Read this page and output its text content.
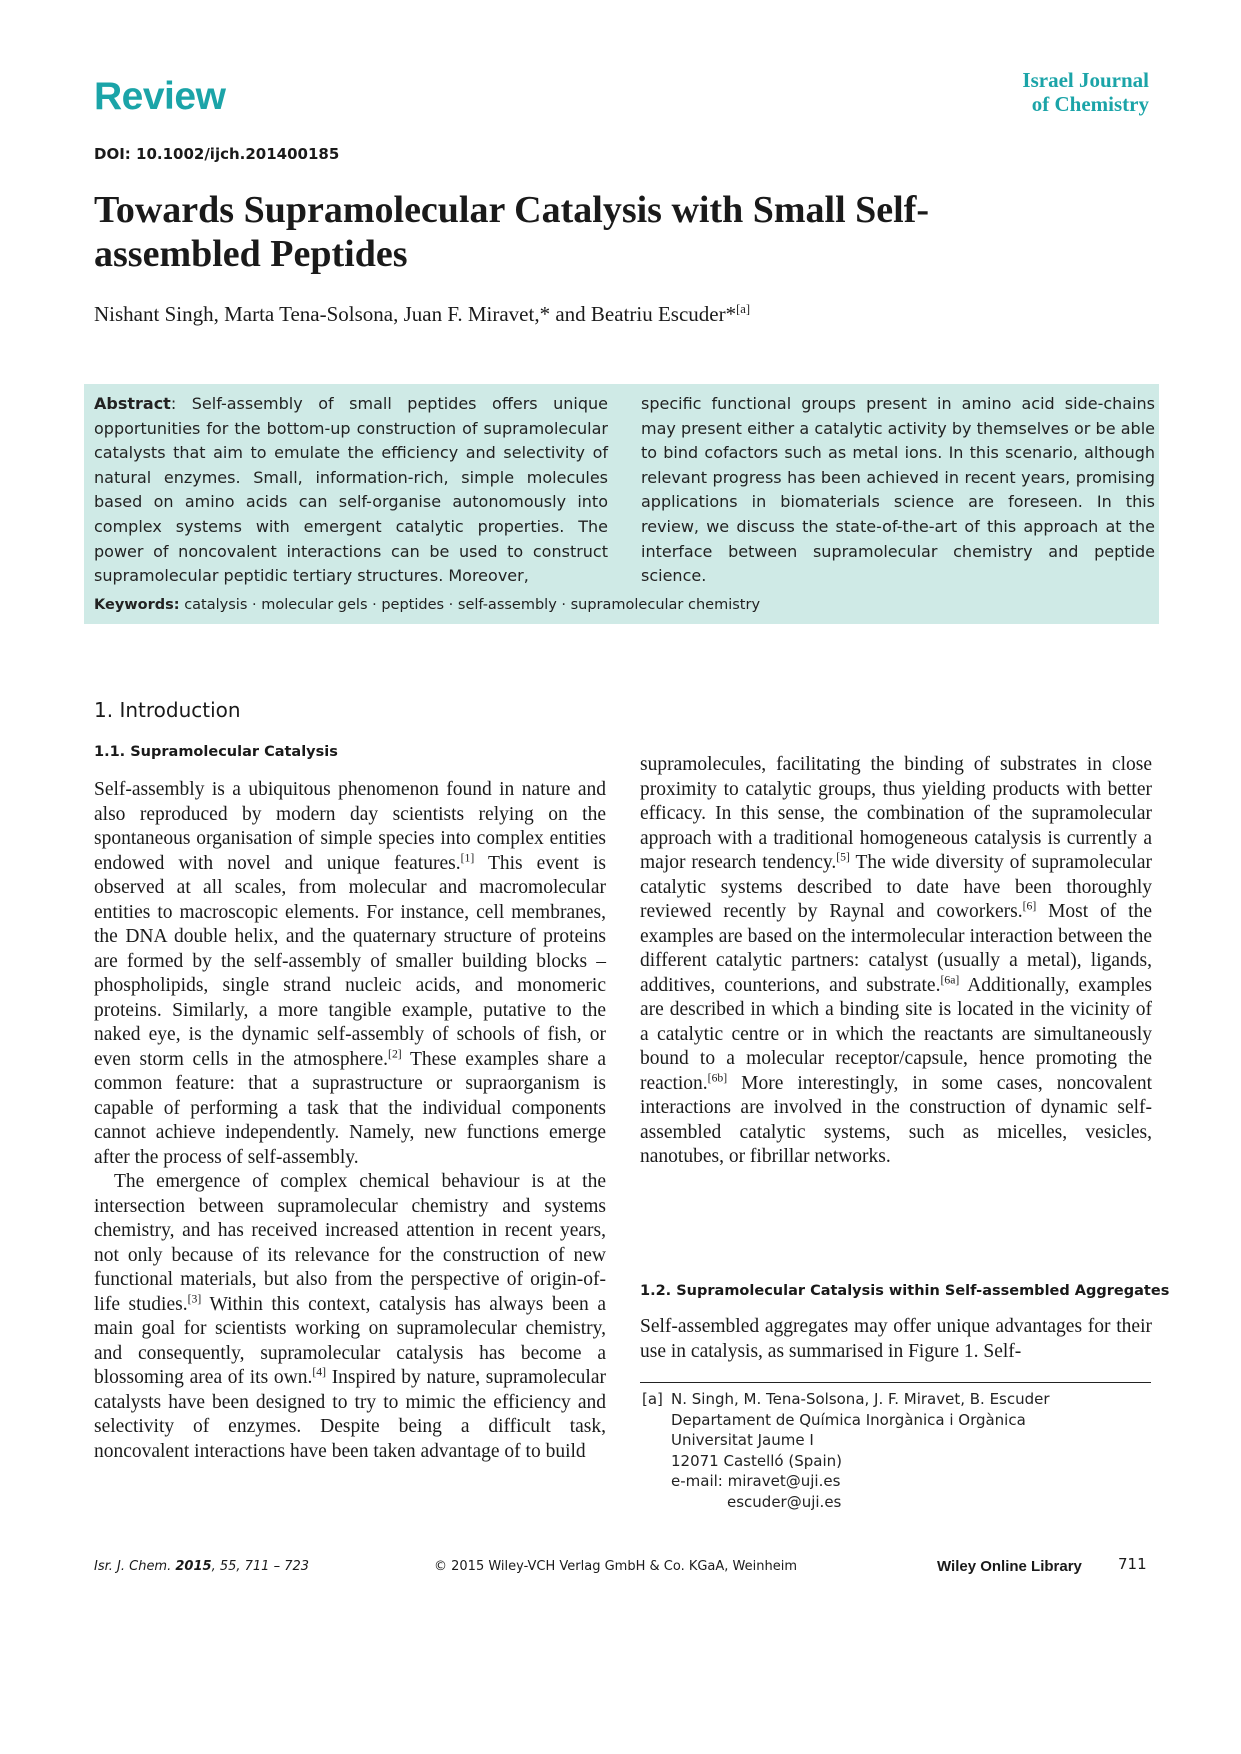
Review	Israel Journal
of Chemistry
DOI: 10.1002/ijch.201400185
Towards Supramolecular Catalysis with Small Self-assembled Peptides
Nishant Singh, Marta Tena-Solsona, Juan F. Miravet,* and Beatriu Escuder*[a]
Abstract: Self-assembly of small peptides offers unique opportunities for the bottom-up construction of supramolecular catalysts that aim to emulate the efficiency and selectivity of natural enzymes. Small, information-rich, simple molecules based on amino acids can self-organise autonomously into complex systems with emergent catalytic properties. The power of noncovalent interactions can be used to construct supramolecular peptidic tertiary structures. Moreover,
specific functional groups present in amino acid side-chains may present either a catalytic activity by themselves or be able to bind cofactors such as metal ions. In this scenario, although relevant progress has been achieved in recent years, promising applications in biomaterials science are foreseen. In this review, we discuss the state-of-the-art of this approach at the interface between supramolecular chemistry and peptide science.
Keywords: catalysis · molecular gels · peptides · self-assembly · supramolecular chemistry
1. Introduction
1.1. Supramolecular Catalysis

Self-assembly is a ubiquitous phenomenon found in nature and also reproduced by modern day scientists relying on the spontaneous organisation of simple species into complex entities endowed with novel and unique features.[1] This event is observed at all scales, from molecular and macromolecular entities to macroscopic elements. For instance, cell membranes, the DNA double helix, and the quaternary structure of proteins are formed by the self-assembly of smaller building blocks – phospholipids, single strand nucleic acids, and monomeric proteins. Similarly, a more tangible example, putative to the naked eye, is the dynamic self-assembly of schools of fish, or even storm cells in the atmosphere.[2] These examples share a common feature: that a suprastructure or supraorganism is capable of performing a task that the individual components cannot achieve independently. Namely, new functions emerge after the process of self-assembly.

The emergence of complex chemical behaviour is at the intersection between supramolecular chemistry and systems chemistry, and has received increased attention in recent years, not only because of its relevance for the construction of new functional materials, but also from the perspective of origin-of-life studies.[3] Within this context, catalysis has always been a main goal for scientists working on supramolecular chemistry, and consequently, supramolecular catalysis has become a blossoming area of its own.[4] Inspired by nature, supramolecular catalysts have been designed to try to mimic the efficiency and selectivity of enzymes. Despite being a difficult task, noncovalent interactions have been taken advantage of to build

supramolecules, facilitating the binding of substrates in close proximity to catalytic groups, thus yielding products with better efficacy. In this sense, the combination of the supramolecular approach with a traditional homogeneous catalysis is currently a major research tendency.[5] The wide diversity of supramolecular catalytic systems described to date have been thoroughly reviewed recently by Raynal and coworkers.[6] Most of the examples are based on the intermolecular interaction between the different catalytic partners: catalyst (usually a metal), ligands, additives, counterions, and substrate.[6a] Additionally, examples are described in which a binding site is located in the vicinity of a catalytic centre or in which the reactants are simultaneously bound to a molecular receptor/capsule, hence promoting the reaction.[6b] More interestingly, in some cases, noncovalent interactions are involved in the construction of dynamic self-assembled catalytic systems, such as micelles, vesicles, nanotubes, or fibrillar networks.

1.2. Supramolecular Catalysis within Self-assembled Aggregates

Self-assembled aggregates may offer unique advantages for their use in catalysis, as summarised in Figure 1. Self-

[a] N. Singh, M. Tena-Solsona, J. F. Miravet, B. Escuder
Departament de Química Inorgànica i Orgànica
Universitat Jaume I
12071 Castelló (Spain)
e-mail: miravet@uji.es
escuder@uji.es
Isr. J. Chem. 2015, 55, 711 – 723	© 2015 Wiley-VCH Verlag GmbH & Co. KGaA, Weinheim	Wiley Online Library 711
